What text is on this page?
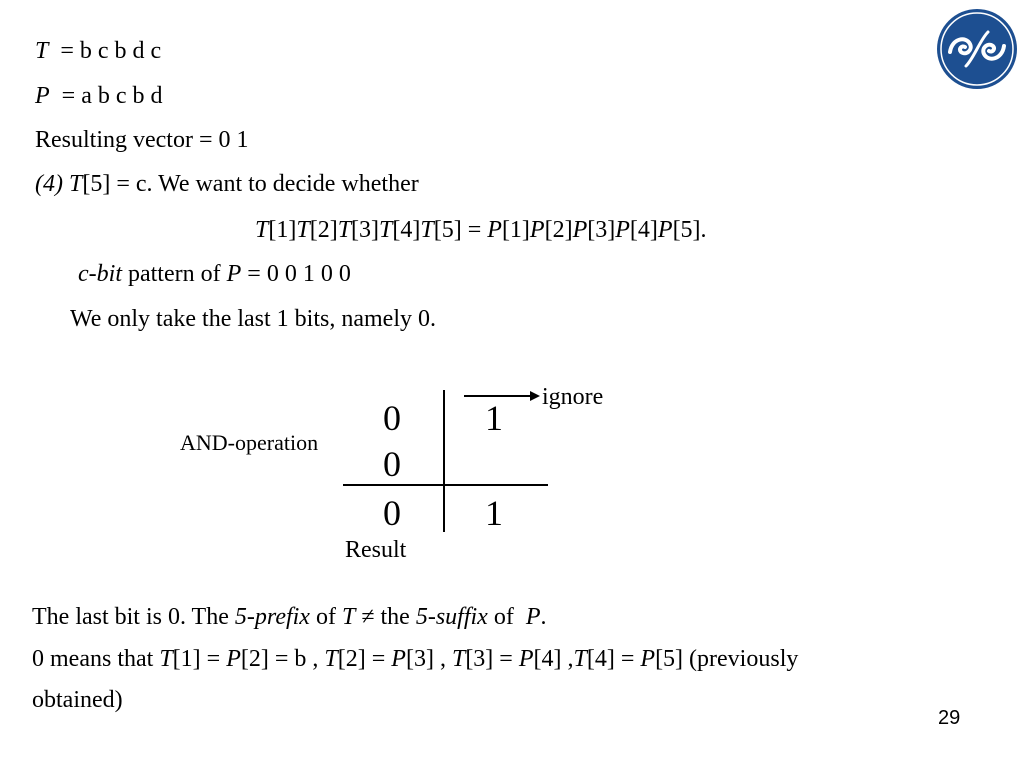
T = b c b d c
P = a b c b d
Resulting vector = 0 1
(4) T[5] = c. We want to decide whether
T[1]T[2]T[3]T[4]T[5] = P[1]P[2]P[3]P[4]P[5].
c-bit pattern of P = 0 0 1 0 0
We only take the last 1 bits, namely 0.
ignore
AND-operation
0 1
0
0 1
Result
The last bit is 0. The 5-prefix of T ≠ the 5-suffix of  P.
0 means that T[1] = P[2] = b , T[2] = P[3] , T[3] = P[4] ,T[4] = P[5] (previously
obtained)
29
